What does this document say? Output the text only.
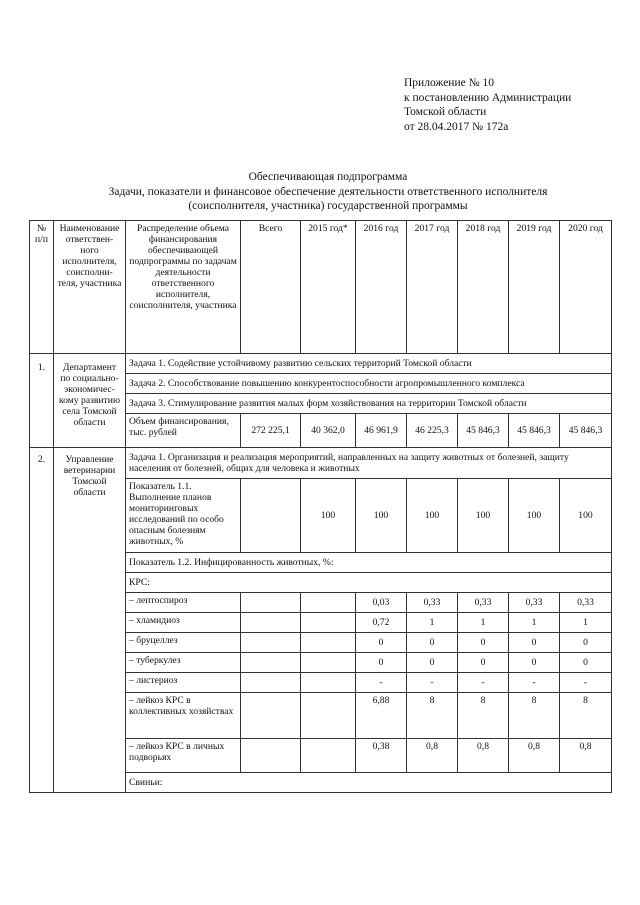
Приложение № 10
к постановлению Администрации
Томской области
от 28.04.2017 № 172а
Обеспечивающая подпрограмма
Задачи, показатели и финансовое обеспечение деятельности ответственного исполнителя
(соисполнителя, участника) государственной программы
№ п/п	Наименование ответствен-ного исполнителя, соисполни-теля, участника	Распределение объема финансирования обеспечивающей подпрограммы по задачам деятельности ответственного исполнителя, соисполнителя, участника	Всего	2015 год*	2016 год	2017 год	2018 год	2019 год	2020 год
1.	Департамент по социально-экономичес-кому развитию села Томской области	Задача 1. Содействие устойчивому развитию сельских территорий Томской области							
		Задача 2. Способствование повышению конкурентоспособности агропромышленного комплекса							
		Задача 3. Стимулирование развития малых форм хозяйствования на территории Томской области							
		Объем финансирования, тыс. рублей	272 225,1	40 362,0	46 961,9	46 225,3	45 846,3	45 846,3	45 846,3
2.	Управление ветеринарии Томской области	Задача 1. Организация и реализация мероприятий, направленных на защиту животных от болезней, защиту населения от болезней, общих для человека и животных							
		Показатель 1.1. Выполнение планов мониторинговых исследований по особо опасным болезням животных, %		100	100	100	100	100	100
		Показатель 1.2. Инфицированность животных, %:							
		КРС:							
		– лептоспироз			0,03	0,33	0,33	0,33	0,33
		– хламидиоз			0,72	1	1	1	1
		– бруцеллез			0	0	0	0	0
		– туберкулез			0	0	0	0	0
		– листериоз			-	-	-	-	-
		– лейкоз КРС в коллективных хозяйствах			6,88	8	8	8	8
		– лейкоз КРС в личных подворьях			0,38	0,8	0,8	0,8	0,8
		Свиньи:							
